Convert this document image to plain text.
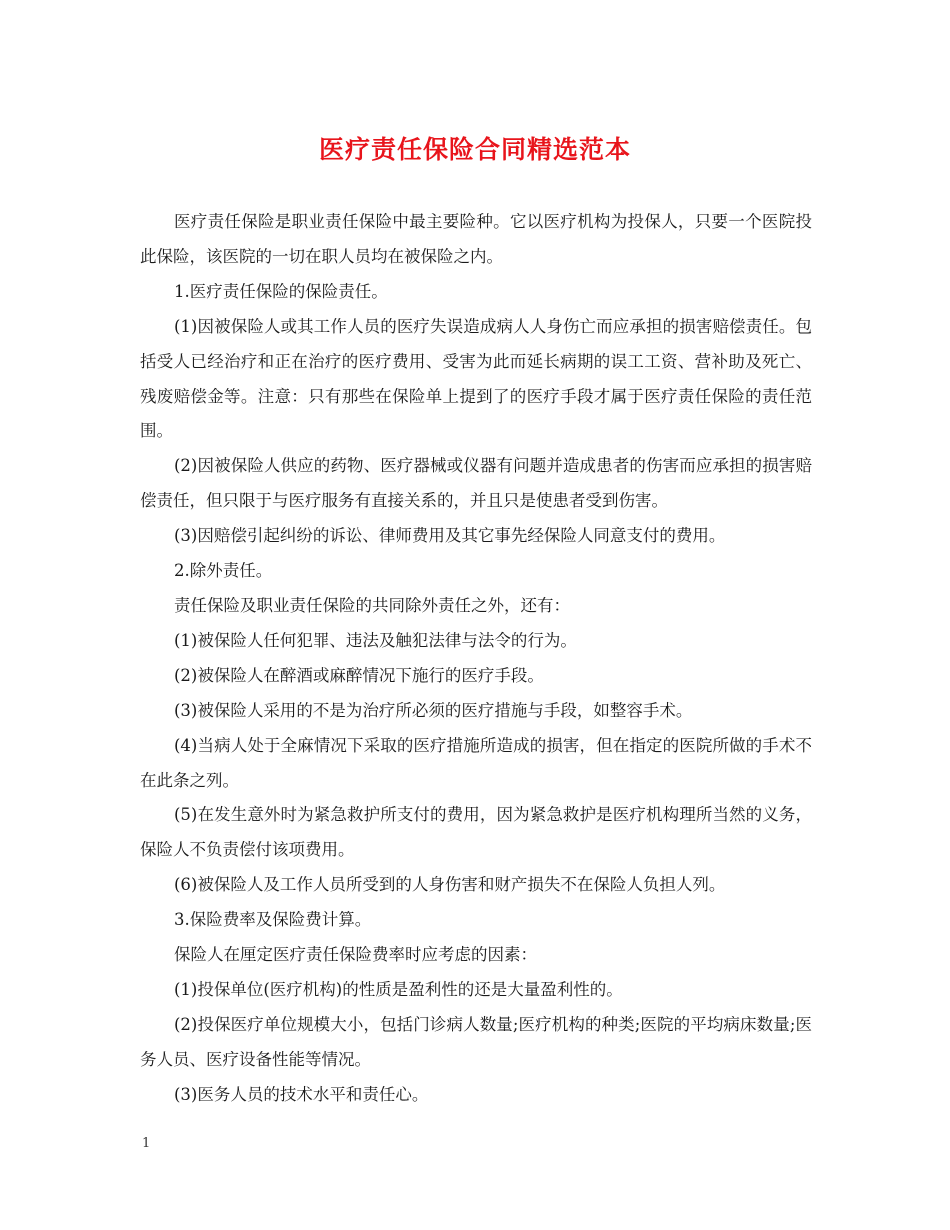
医疗责任保险合同精选范本

医疗责任保险是职业责任保险中最主要险种。它以医疗机构为投保人，只要一个医院投此保险，该医院的一切在职人员均在被保险之内。

1.医疗责任保险的保险责任。

(1)因被保险人或其工作人员的医疗失误造成病人人身伤亡而应承担的损害赔偿责任。包括受人已经治疗和正在治疗的医疗费用、受害为此而延长病期的误工工资、营补助及死亡、残废赔偿金等。注意：只有那些在保险单上提到了的医疗手段才属于医疗责任保险的责任范围。

(2)因被保险人供应的药物、医疗器械或仪器有问题并造成患者的伤害而应承担的损害赔偿责任，但只限于与医疗服务有直接关系的，并且只是使患者受到伤害。

(3)因赔偿引起纠纷的诉讼、律师费用及其它事先经保险人同意支付的费用。

2.除外责任。

责任保险及职业责任保险的共同除外责任之外，还有：

(1)被保险人任何犯罪、违法及触犯法律与法令的行为。

(2)被保险人在醉酒或麻醉情况下施行的医疗手段。

(3)被保险人采用的不是为治疗所必须的医疗措施与手段，如整容手术。

(4)当病人处于全麻情况下采取的医疗措施所造成的损害，但在指定的医院所做的手术不在此条之列。

(5)在发生意外时为紧急救护所支付的费用，因为紧急救护是医疗机构理所当然的义务，保险人不负责偿付该项费用。

(6)被保险人及工作人员所受到的人身伤害和财产损失不在保险人负担人列。

3.保险费率及保险费计算。

保险人在厘定医疗责任保险费率时应考虑的因素：

(1)投保单位(医疗机构)的性质是盈利性的还是大量盈利性的。

(2)投保医疗单位规模大小，包括门诊病人数量;医疗机构的种类;医院的平均病床数量;医务人员、医疗设备性能等情况。

(3)医务人员的技术水平和责任心。

1
